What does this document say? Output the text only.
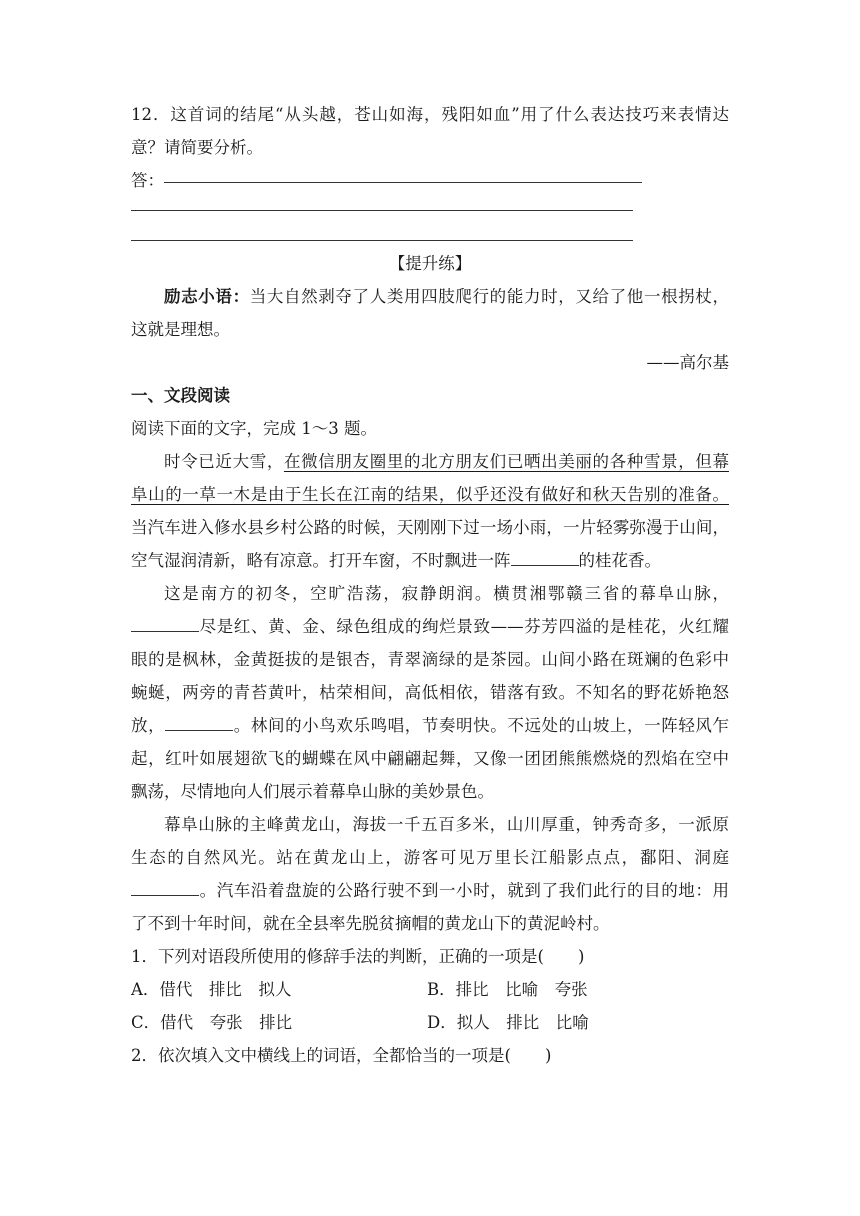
12．这首词的结尾“从头越，苍山如海，残阳如血”用了什么表达技巧来表情达
意？请简要分析。
答：
【提升练】
励志小语：当大自然剥夺了人类用四肢爬行的能力时，又给了他一根拐杖，
这就是理想。
——高尔基
一、文段阅读
阅读下面的文字，完成 1～3 题。
时令已近大雪，在微信朋友圈里的北方朋友们已晒出美丽的各种雪景，但幕
阜山的一草一木是由于生长在江南的结果，似乎还没有做好和秋天告别的准备。
当汽车进入修水县乡村公路的时候，天刚刚下过一场小雨，一片轻雾弥漫于山间，
空气湿润清新，略有凉意。打开车窗，不时飘进一阵	的桂花香。
这是南方的初冬，空旷浩荡，寂静朗润。横贯湘鄂赣三省的幕阜山脉，
尽是红、黄、金、绿色组成的绚烂景致——芬芳四溢的是桂花，火红耀
眼的是枫林，金黄挺拔的是银杏，青翠滴绿的是茶园。山间小路在斑斓的色彩中
蜿蜒，两旁的青苔黄叶，枯荣相间，高低相依，错落有致。不知名的野花娇艳怒
放，	。林间的小鸟欢乐鸣唱，节奏明快。不远处的山坡上，一阵轻风乍
起，红叶如展翅欲飞的蝴蝶在风中翩翩起舞，又像一团团熊熊燃烧的烈焰在空中
飘荡，尽情地向人们展示着幕阜山脉的美妙景色。
幕阜山脉的主峰黄龙山，海拔一千五百多米，山川厚重，钟秀奇多，一派原
生态的自然风光。站在黄龙山上，游客可见万里长江船影点点，鄱阳、洞庭
。汽车沿着盘旋的公路行驶不到一小时，就到了我们此行的目的地：用
了不到十年时间，就在全县率先脱贫摘帽的黄龙山下的黄泥岭村。
1．下列对语段所使用的修辞手法的判断，正确的一项是( )
A．借代　排比　拟人	B．排比　比喻　夸张
C．借代　夸张　排比	D．拟人　排比　比喻
2．依次填入文中横线上的词语，全都恰当的一项是( )
